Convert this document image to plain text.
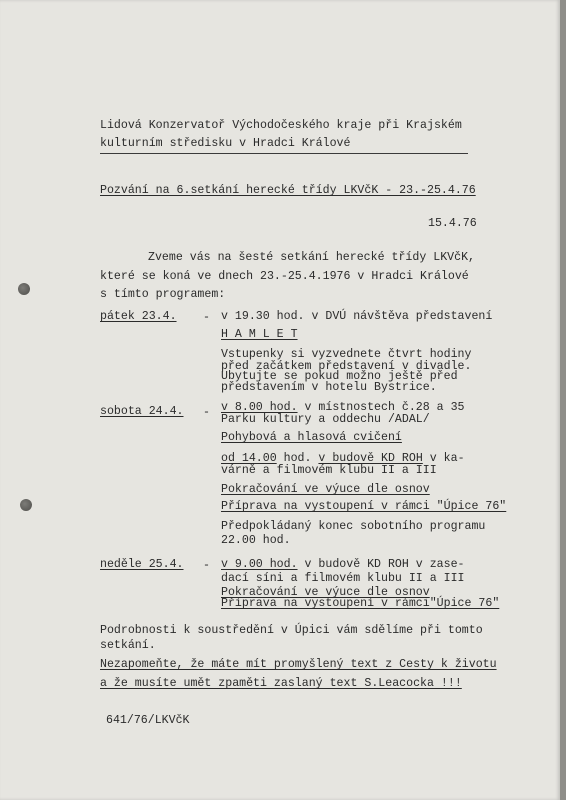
Lidová Konzervatoř Východočeského kraje při Krajském
kulturním středisku v Hradci Králové
Pozvání na 6.setkání herecké třídy LKVčK - 23.-25.4.76
15.4.76
Zveme vás na šesté setkání herecké třídy LKVčK,
které se koná ve dnech 23.-25.4.1976 v Hradci Králové
s tímto programem:
pátek 23.4. - v 19.30 hod. v DVÚ návštěva představení
H A M L E T
Vstupenky si vyzvednete čtvrt hodiny
před začátkem představení v divadle.
Ubytujte se pokud možno ještě před
představením v hotelu Bystrice.
sobota 24.4. - v 8.00 hod. v místnostech č.28 a 35
Parku kultury a oddechu /ADAL/
Pohybová a hlasová cvičení
od 14.00 hod. v budově KD ROH v ka-
várně a filmovém klubu II a III
Pokračování ve výuce dle osnov
Příprava na vystoupení v rámci "Úpice 76"
Předpokládaný konec sobotního programu
22.00 hod.
neděle 25.4. - v 9.00 hod. v budově KD ROH v zase-
dací síni a filmovém klubu II a III
Pokračování ve výuce dle osnov
Příprava na vystoupení v rámci"Úpice 76"
Podrobnosti k soustředění v Úpici vám sdělíme při tomto
setkání.
Nezapomeňte, že máte mít promyšlený text z Cesty k životu
a že musíte umět zpaměti zaslaný text S.Leacocka !!!
641/76/LKVčK
